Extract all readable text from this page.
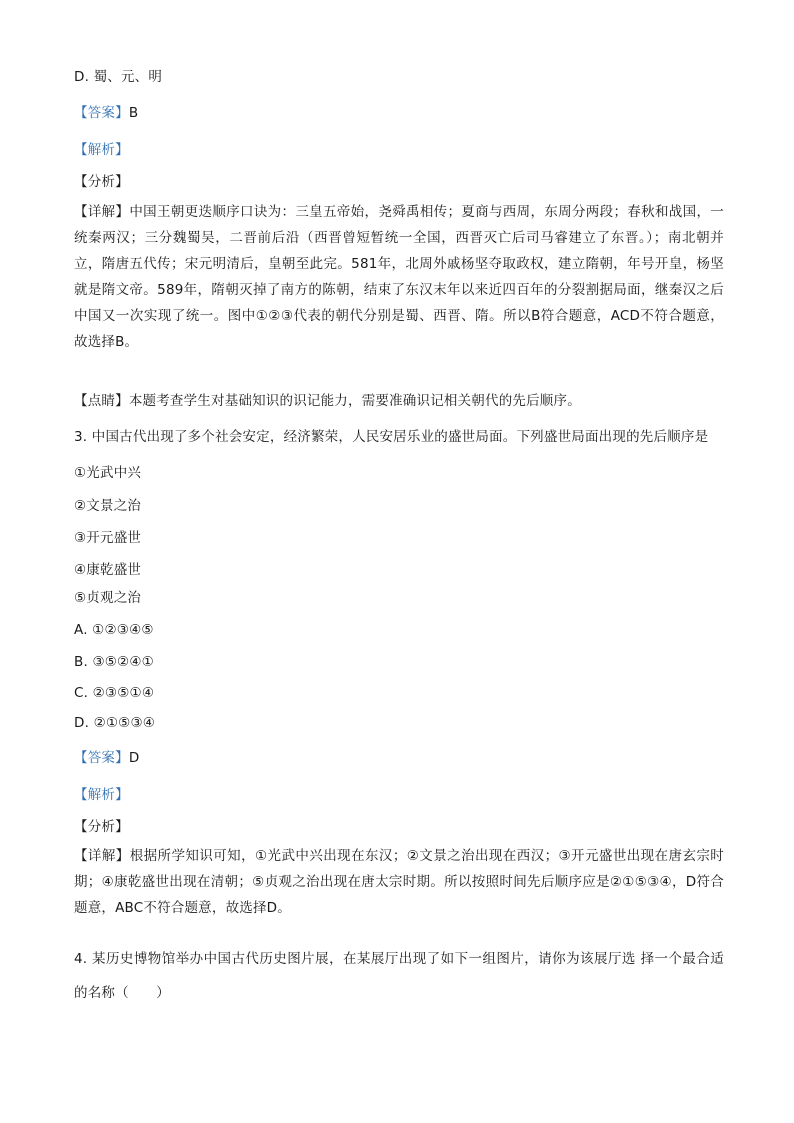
D. 蜀、元、明
【答案】B
【解析】
【分析】
【详解】中国王朝更迭顺序口诀为：三皇五帝始，尧舜禹相传；夏商与西周，东周分两段；春秋和战国，一统秦两汉；三分魏蜀吴，二晋前后沿（西晋曾短暂统一全国，西晋灭亡后司马睿建立了东晋。）；南北朝并立，隋唐五代传；宋元明清后，皇朝至此完。581年，北周外戚杨坚夺取政权，建立隋朝，年号开皇，杨坚就是隋文帝。589年，隋朝灭掉了南方的陈朝，结束了东汉末年以来近四百年的分裂割据局面，继秦汉之后中国又一次实现了统一。图中①②③代表的朝代分别是蜀、西晋、隋。所以B符合题意，ACD不符合题意，故选择B。
【点睛】本题考查学生对基础知识的识记能力，需要准确识记相关朝代的先后顺序。
3. 中国古代出现了多个社会安定，经济繁荣，人民安居乐业的盛世局面。下列盛世局面出现的先后顺序是
①光武中兴
②文景之治
③开元盛世
④康乾盛世
⑤贞观之治
A. ①②③④⑤
B. ③⑤②④①
C. ②③⑤①④
D. ②①⑤③④
【答案】D
【解析】
【分析】
【详解】根据所学知识可知，①光武中兴出现在东汉；②文景之治出现在西汉；③开元盛世出现在唐玄宗时期；④康乾盛世出现在清朝；⑤贞观之治出现在唐太宗时期。所以按照时间先后顺序应是②①⑤③④，D符合题意，ABC不符合题意，故选择D。
4. 某历史博物馆举办中国古代历史图片展，在某展厅出现了如下一组图片，请你为该展厅选 择一个最合适的名称（　　）
